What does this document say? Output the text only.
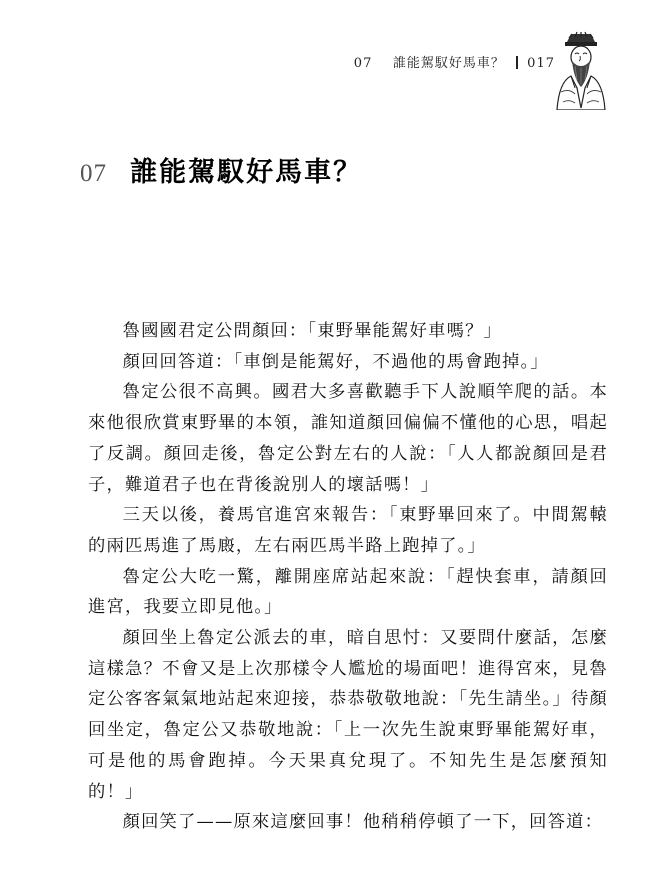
07 誰能駕馭好馬車？ 017
07 誰能駕馭好馬車？

魯國國君定公問顏回：「東野畢能駕好車嗎？」

顏回回答道：「車倒是能駕好，不過他的馬會跑掉。」

魯定公很不高興。國君大多喜歡聽手下人說順竿爬的話。本來他很欣賞東野畢的本領，誰知道顏回偏偏不懂他的心思，唱起了反調。顏回走後，魯定公對左右的人說：「人人都說顏回是君子，難道君子也在背後說別人的壞話嗎！」

三天以後，養馬官進宮來報告：「東野畢回來了。中間駕轅的兩匹馬進了馬廄，左右兩匹馬半路上跑掉了。」

魯定公大吃一驚，離開座席站起來說：「趕快套車，請顏回進宮，我要立即見他。」

顏回坐上魯定公派去的車，暗自思忖：又要問什麼話，怎麼這樣急？不會又是上次那樣令人尷尬的場面吧！進得宮來，見魯定公客客氣氣地站起來迎接，恭恭敬敬地說：「先生請坐。」待顏回坐定，魯定公又恭敬地說：「上一次先生說東野畢能駕好車，可是他的馬會跑掉。今天果真兌現了。不知先生是怎麼預知的！」

顏回笑了——原來這麼回事！他稍稍停頓了一下，回答道：
